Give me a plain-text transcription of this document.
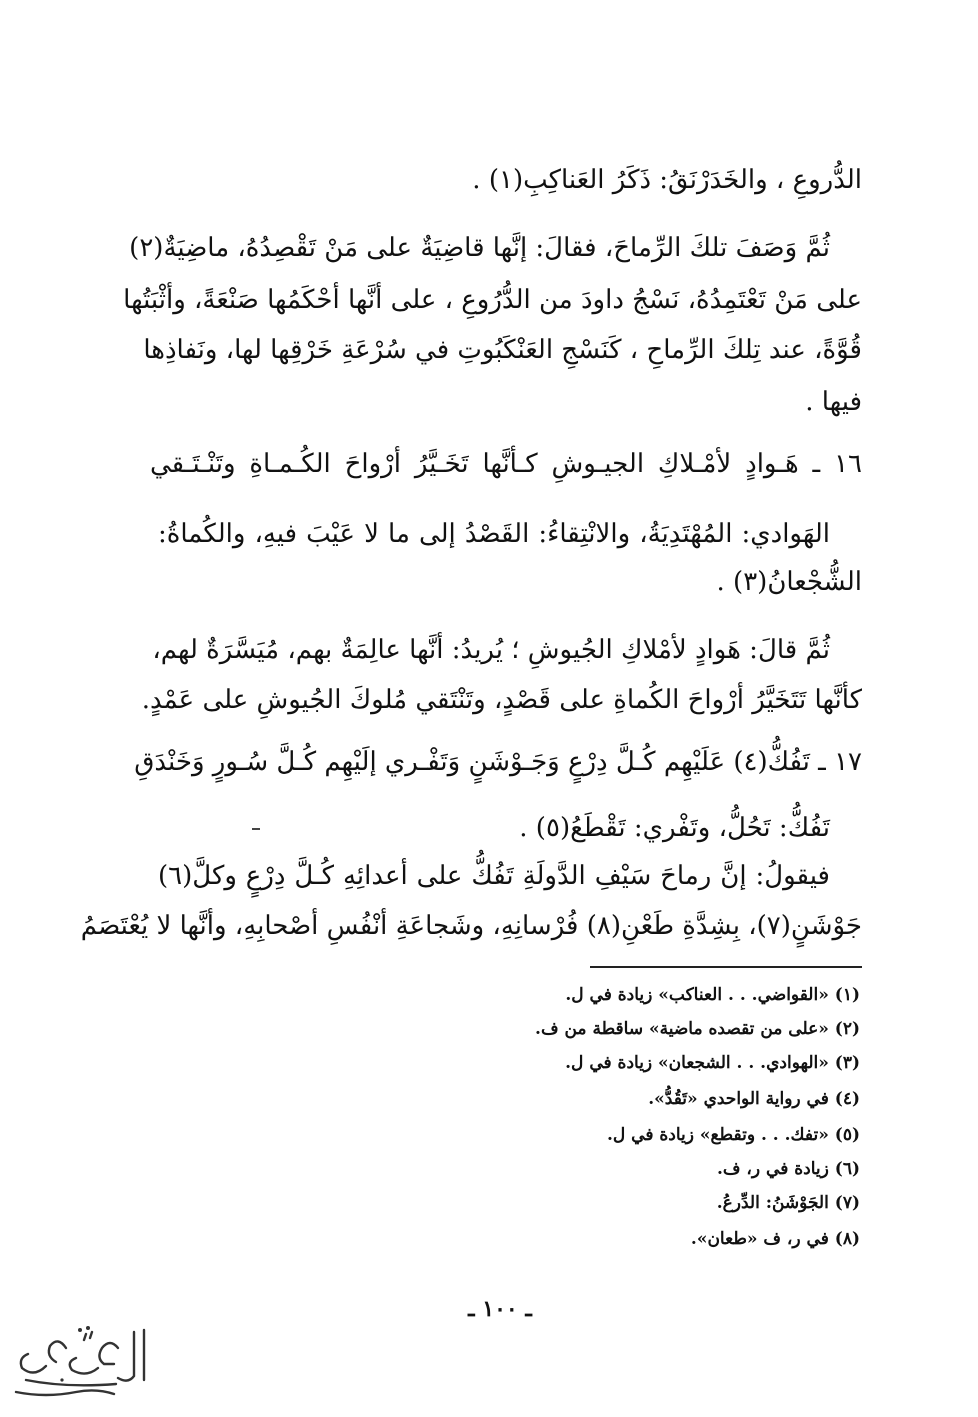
الدُّروعِ ، والخَدَرْنَقُ: ذَكَرُ العَناكِبِ(١) .
ثُمَّ وَصَفَ تلكَ الرِّماحَ، فقالَ: إنَّها قاضِيَةٌ على مَنْ تَقْصِدُهُ، ماضِيَةٌ(٢)
على مَنْ تَعْتَمِدُهُ، نَسْجُ داودَ من الدُّرُوعِ ، على أنَّها أحْكَمُها صَنْعَةً، وأثْبَتُها
قُوَّةً، عند تِلكَ الرِّماحِ ، كَنَسْجِ العَنْكَبُوتِ في سُرْعَةِ خَرْقِها لها، ونَفاذِها
فيها .
١٦ ـ هَـوادٍ لأمْـلاكِ الجيـوشِ كـأنَّها تَخَـيَّرُ أرْواحَ الكُـمـاةِ وتَنْـتَـقي
الهَوادي: المُهْتَدِيَةُ، والانْتِقاءُ: القَصْدُ إلى ما لا عَيْبَ فيهِ، والكُماةُ:
الشُّجْعانُ(٣) .
ثُمَّ قالَ: هَوادٍ لأمْلاكِ الجُيوشِ ؛ يُريدُ: أنَّها عالِمَةٌ بهم، مُيَسَّرَةٌ لهم،
كأنَّها تَتَخَيَّرُ أرْواحَ الكُماةِ على قَصْدٍ، وتَنْتَقي مُلوكَ الجُيوشِ على عَمْدٍ.
١٧ ـ تَفُكُّ(٤) عَلَيْهِم كُـلَّ دِرْعٍ وَجَـوْشَنٍ وَتَفْـري إلَيْهِم كُـلَّ سُـورٍ وَخَنْدَقِ
تَفُكُّ: تَحُلُّ، وتَفْري: تَقْطَعُ(٥) .
فيقولُ: إنَّ رماحَ سَيْفِ الدَّولَةِ تَفُكُّ على أعدائِهِ كُـلَّ دِرْعٍ وكلَّ(٦)
جَوْشَنٍ(٧)، بِشِدَّةِ طَعْنِ(٨) فُرْسانِهِ، وشَجاعَةِ أنْفُسِ أصْحابِهِ، وأنَّها لا يُعْتَصَمُ
(١) «القواضي. . . العناكب» زيادة في ل.
(٢) «على من تقصده ماضية» ساقطة من ف.
(٣) «الهوادي. . . الشجعان» زيادة في ل.
(٤) في رواية الواحدي «تَقُدُّ».
(٥) «تفك. . . وتقطع» زيادة في ل.
(٦) زيادة في ر، ف.
(٧) الجَوْشَنُ: الدِّرعُ.
(٨) في ر، ف «طعان».
ـ ١٠٠ ـ
